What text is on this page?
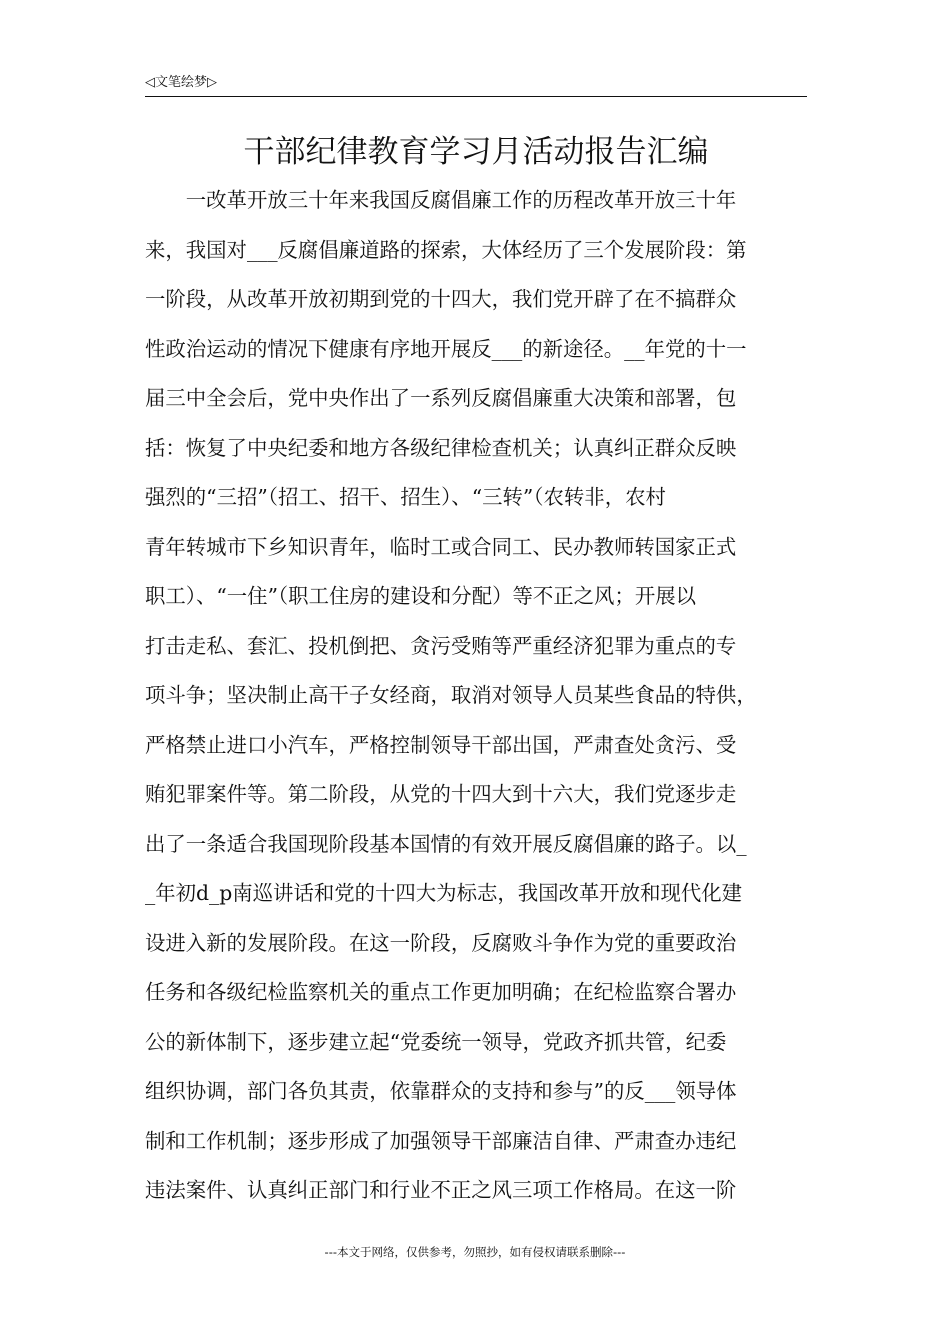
◁文笔绘梦▷
干部纪律教育学习月活动报告汇编
　　一改革开放三十年来我国反腐倡廉工作的历程改革开放三十年
来，我国对___反腐倡廉道路的探索，大体经历了三个发展阶段：第
一阶段，从改革开放初期到党的十四大，我们党开辟了在不搞群众
性政治运动的情况下健康有序地开展反___的新途径。__年党的十一
届三中全会后，党中央作出了一系列反腐倡廉重大决策和部署，包
括：恢复了中央纪委和地方各级纪律检查机关；认真纠正群众反映
强烈的“三招”（招工、招干、招生）、“三转”（农转非，农村
青年转城市下乡知识青年，临时工或合同工、民办教师转国家正式
职工）、“一住”（职工住房的建设和分配）等不正之风；开展以
打击走私、套汇、投机倒把、贪污受贿等严重经济犯罪为重点的专
项斗争；坚决制止高干子女经商，取消对领导人员某些食品的特供，
严格禁止进口小汽车，严格控制领导干部出国，严肃查处贪污、受
贿犯罪案件等。第二阶段，从党的十四大到十六大，我们党逐步走
出了一条适合我国现阶段基本国情的有效开展反腐倡廉的路子。以_
_年初d_p南巡讲话和党的十四大为标志，我国改革开放和现代化建
设进入新的发展阶段。在这一阶段，反腐败斗争作为党的重要政治
任务和各级纪检监察机关的重点工作更加明确；在纪检监察合署办
公的新体制下，逐步建立起“党委统一领导，党政齐抓共管，纪委
组织协调，部门各负其责，依靠群众的支持和参与”的反___领导体
制和工作机制；逐步形成了加强领导干部廉洁自律、严肃查办违纪
违法案件、认真纠正部门和行业不正之风三项工作格局。在这一阶
---本文于网络，仅供参考，勿照抄，如有侵权请联系删除---
